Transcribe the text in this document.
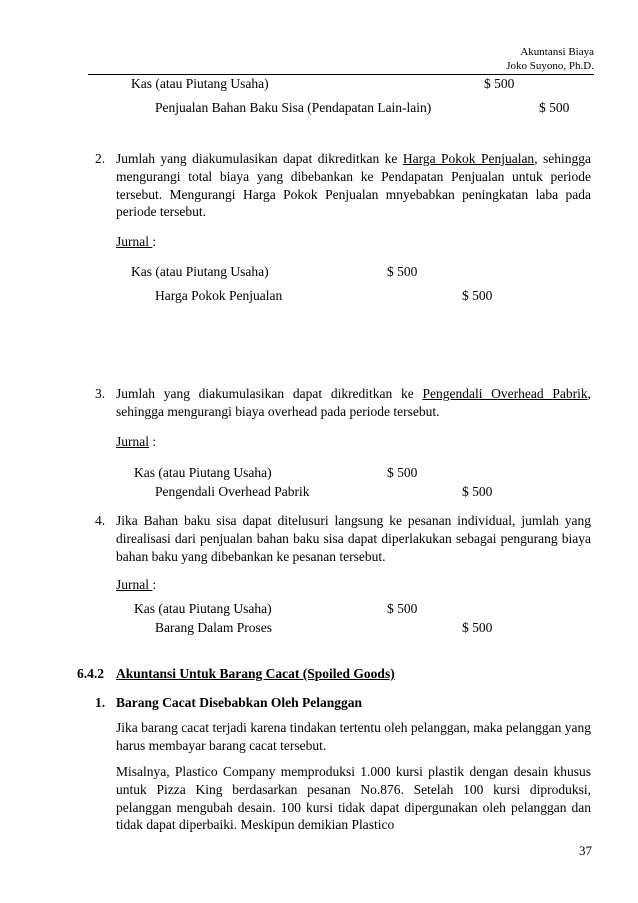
Akuntansi Biaya
Joko Suyono, Ph.D.
Kas (atau Piutang Usaha)	$ 500
Penjualan Bahan Baku Sisa (Pendapatan Lain-lain)	$ 500
2. Jumlah yang diakumulasikan dapat dikreditkan ke Harga Pokok Penjualan, sehingga mengurangi total biaya yang dibebankan ke Pendapatan Penjualan untuk periode tersebut. Mengurangi Harga Pokok Penjualan mnyebabkan peningkatan laba pada periode tersebut.
Jurnal :
Kas (atau Piutang Usaha)	$ 500
Harga Pokok Penjualan	$ 500
3. Jumlah yang diakumulasikan dapat dikreditkan ke Pengendali Overhead Pabrik, sehingga mengurangi biaya overhead pada periode tersebut.
Jurnal :
Kas (atau Piutang Usaha)	$ 500
Pengendali Overhead Pabrik	$ 500
4. Jika Bahan baku sisa dapat ditelusuri langsung ke pesanan individual, jumlah yang direalisasi dari penjualan bahan baku sisa dapat diperlakukan sebagai pengurang biaya bahan baku yang dibebankan ke pesanan tersebut.
Jurnal :
Kas (atau Piutang Usaha)	$ 500
Barang Dalam Proses	$ 500
6.4.2 Akuntansi Untuk Barang Cacat (Spoiled Goods)
1. Barang Cacat Disebabkan Oleh Pelanggan
Jika barang cacat terjadi karena tindakan tertentu oleh pelanggan, maka pelanggan yang harus membayar barang cacat tersebut.
Misalnya, Plastico Company memproduksi 1.000 kursi plastik dengan desain khusus untuk Pizza King berdasarkan pesanan No.876. Setelah 100 kursi diproduksi, pelanggan mengubah desain. 100 kursi tidak dapat dipergunakan oleh pelanggan dan tidak dapat diperbaiki. Meskipun demikian Plastico
37
